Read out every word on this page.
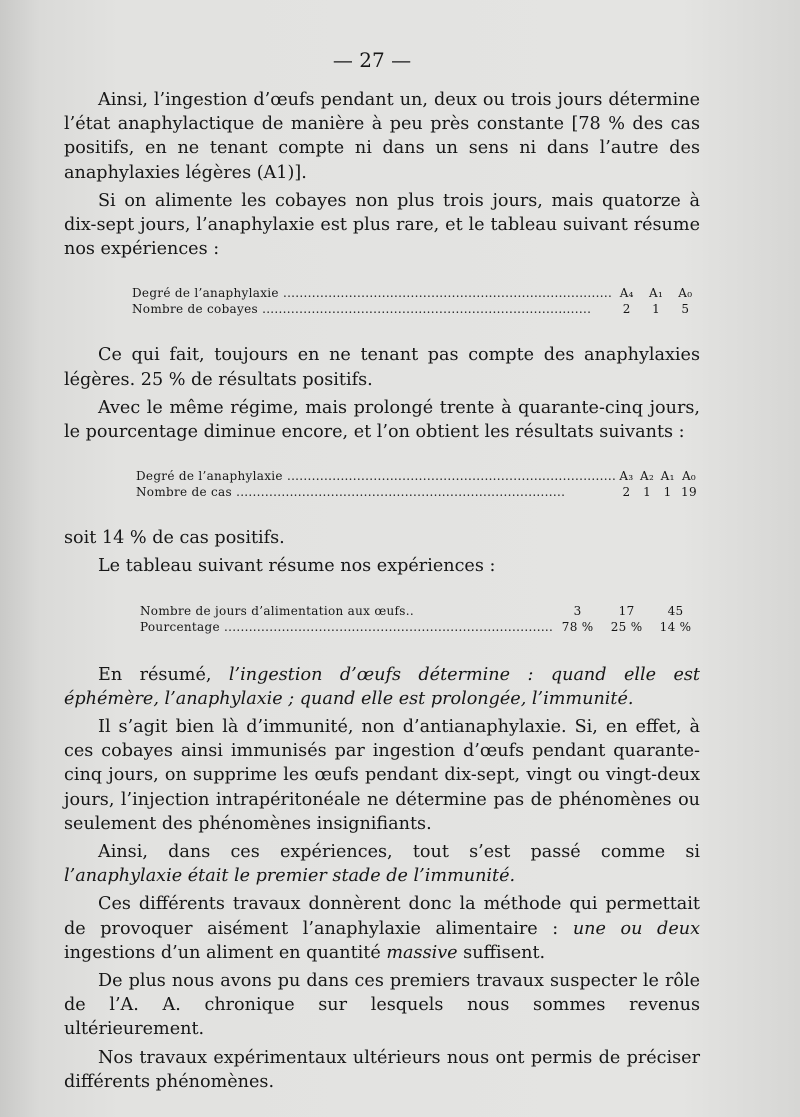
— 27 —

Ainsi, l’ingestion d’œufs pendant un, deux ou trois jours détermine l’état anaphylactique de manière à peu près constante [78 % des cas positifs, en ne tenant compte ni dans un sens ni dans l’autre des anaphylaxies légères (A1)].

Si on alimente les cobayes non plus trois jours, mais quatorze à dix-sept jours, l’anaphylaxie est plus rare, et le tableau suivant résume nos expériences :

Degré de l’anaphylaxie .....	A₄	A₁	A₀
Nombre de cobayes .....	2	1	5

Ce qui fait, toujours en ne tenant pas compte des anaphylaxies légères. 25 % de résultats positifs.

Avec le même régime, mais prolongé trente à quarante-cinq jours, le pourcentage diminue encore, et l’on obtient les résultats suivants :

Degré de l’anaphylaxie .....	A₃	A₂	A₁	A₀
Nombre de cas .....	2	1	1	19

soit 14 % de cas positifs.

Le tableau suivant résume nos expériences :

Nombre de jours d’alimentation aux œufs..	3	17	45
Pourcentage .....	78 %	25 %	14 %

En résumé, l’ingestion d’œufs détermine : quand elle est éphémère, l’anaphylaxie ; quand elle est prolongée, l’immunité.

Il s’agit bien là d’immunité, non d’antianaphylaxie. Si, en effet, à ces cobayes ainsi immunisés par ingestion d’œufs pendant quarante-cinq jours, on supprime les œufs pendant dix-sept, vingt ou vingt-deux jours, l’injection intrapéritonéale ne détermine pas de phénomènes ou seulement des phénomènes insignifiants.

Ainsi, dans ces expériences, tout s’est passé comme si l’anaphylaxie était le premier stade de l’immunité.

Ces différents travaux donnèrent donc la méthode qui permettait de provoquer aisément l’anaphylaxie alimentaire : une ou deux ingestions d’un aliment en quantité massive suffisent.

De plus nous avons pu dans ces premiers travaux suspecter le rôle de l’A. A. chronique sur lesquels nous sommes revenus ultérieurement.

Nos travaux expérimentaux ultérieurs nous ont permis de préciser différents phénomènes.
